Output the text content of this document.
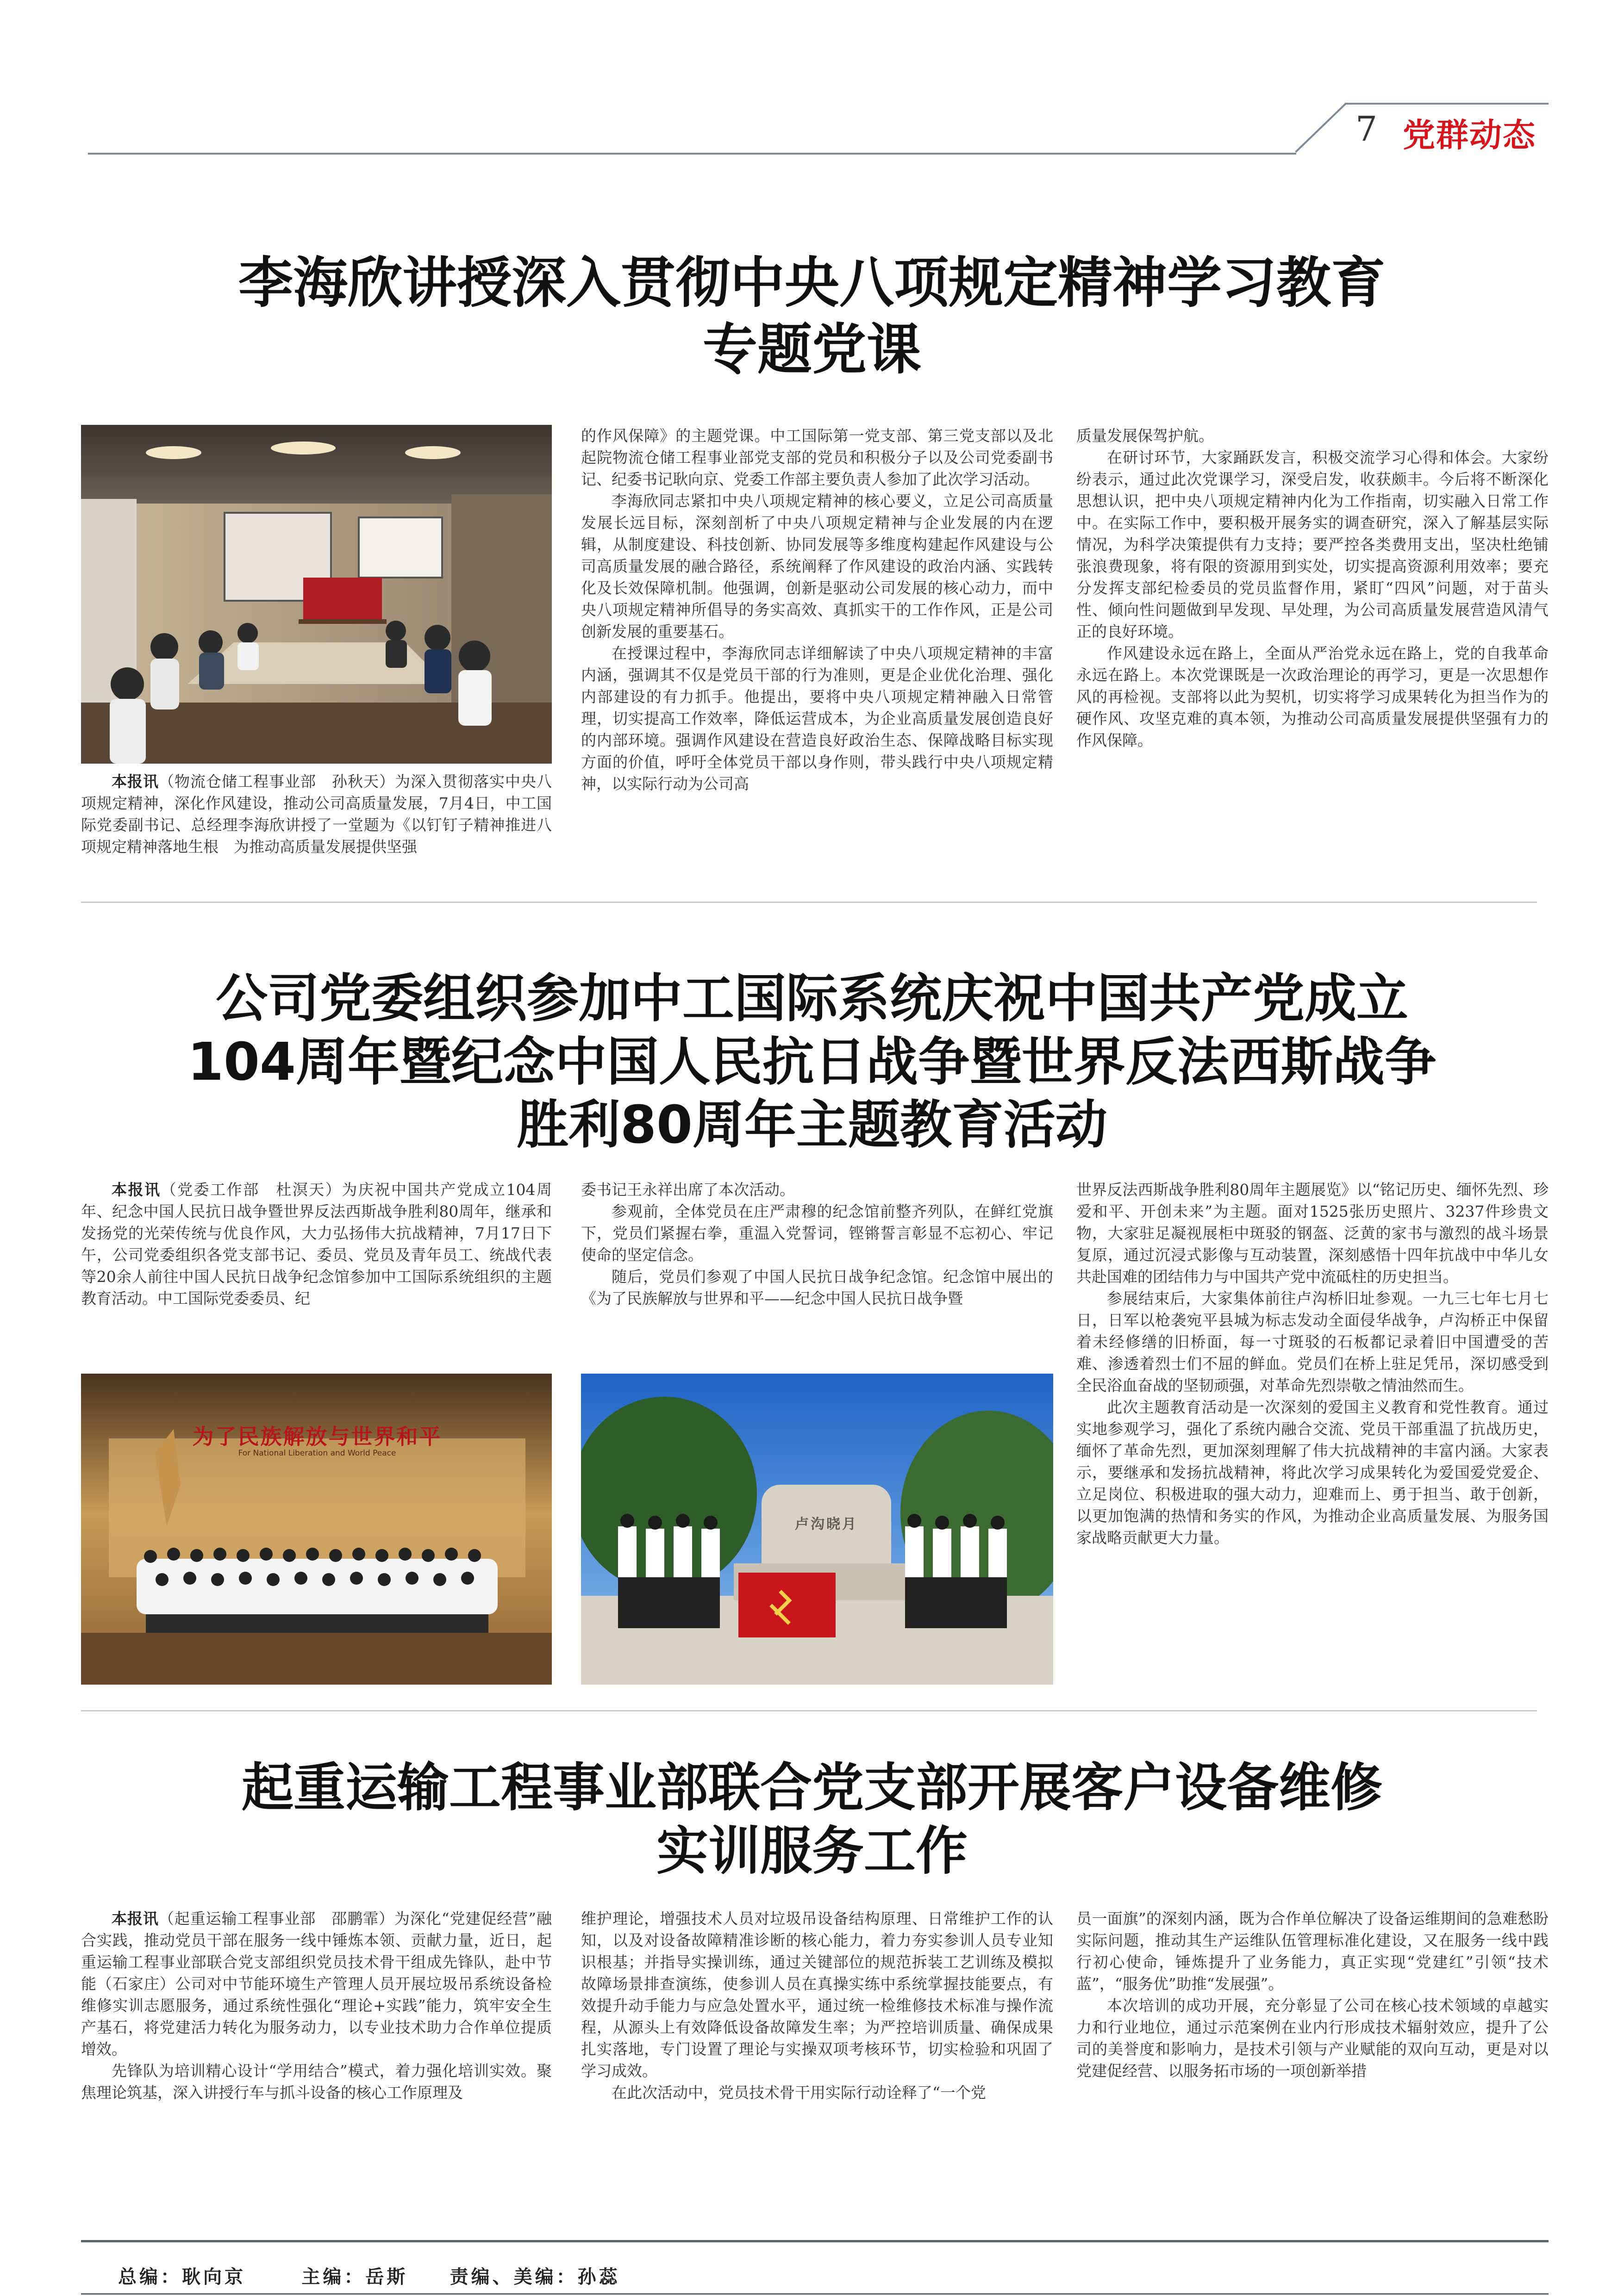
7 党群动态
李海欣讲授深入贯彻中央八项规定精神学习教育
专题党课

本报讯（物流仓储工程事业部　孙秋天）为深入贯彻落实中央八项规定精神，深化作风建设，推动公司高质量发展，7月4日，中工国际党委副书记、总经理李海欣讲授了一堂题为《以钉钉子精神推进八项规定精神落地生根　为推动高质量发展提供坚强

的作风保障》的主题党课。中工国际第一党支部、第三党支部以及北起院物流仓储工程事业部党支部的党员和积极分子以及公司党委副书记、纪委书记耿向京、党委工作部主要负责人参加了此次学习活动。

李海欣同志紧扣中央八项规定精神的核心要义，立足公司高质量发展长远目标，深刻剖析了中央八项规定精神与企业发展的内在逻辑，从制度建设、科技创新、协同发展等多维度构建起作风建设与公司高质量发展的融合路径，系统阐释了作风建设的政治内涵、实践转化及长效保障机制。他强调，创新是驱动公司发展的核心动力，而中央八项规定精神所倡导的务实高效、真抓实干的工作作风，正是公司创新发展的重要基石。

在授课过程中，李海欣同志详细解读了中央八项规定精神的丰富内涵，强调其不仅是党员干部的行为准则，更是企业优化治理、强化内部建设的有力抓手。他提出，要将中央八项规定精神融入日常管理，切实提高工作效率，降低运营成本，为企业高质量发展创造良好的内部环境。强调作风建设在营造良好政治生态、保障战略目标实现方面的价值，呼吁全体党员干部以身作则，带头践行中央八项规定精神，以实际行动为公司高

质量发展保驾护航。

在研讨环节，大家踊跃发言，积极交流学习心得和体会。大家纷纷表示，通过此次党课学习，深受启发，收获颇丰。今后将不断深化思想认识，把中央八项规定精神内化为工作指南，切实融入日常工作中。在实际工作中，要积极开展务实的调查研究，深入了解基层实际情况，为科学决策提供有力支持；要严控各类费用支出，坚决杜绝铺张浪费现象，将有限的资源用到实处，切实提高资源利用效率；要充分发挥支部纪检委员的党员监督作用，紧盯“四风”问题，对于苗头性、倾向性问题做到早发现、早处理，为公司高质量发展营造风清气正的良好环境。

作风建设永远在路上，全面从严治党永远在路上，党的自我革命永远在路上。本次党课既是一次政治理论的再学习，更是一次思想作风的再检视。支部将以此为契机，切实将学习成果转化为担当作为的硬作风、攻坚克难的真本领，为推动公司高质量发展提供坚强有力的作风保障。

公司党委组织参加中工国际系统庆祝中国共产党成立
104周年暨纪念中国人民抗日战争暨世界反法西斯战争
胜利80周年主题教育活动

本报讯（党委工作部　杜溟天）为庆祝中国共产党成立104周年、纪念中国人民抗日战争暨世界反法西斯战争胜利80周年，继承和发扬党的光荣传统与优良作风，大力弘扬伟大抗战精神，7月17日下午，公司党委组织各党支部书记、委员、党员及青年员工、统战代表等20余人前往中国人民抗日战争纪念馆参加中工国际系统组织的主题教育活动。中工国际党委委员、纪

委书记王永祥出席了本次活动。

参观前，全体党员在庄严肃穆的纪念馆前整齐列队，在鲜红党旗下，党员们紧握右拳，重温入党誓词，铿锵誓言彰显不忘初心、牢记使命的坚定信念。

随后，党员们参观了中国人民抗日战争纪念馆。纪念馆中展出的《为了民族解放与世界和平——纪念中国人民抗日战争暨

世界反法西斯战争胜利80周年主题展览》以“铭记历史、缅怀先烈、珍爱和平、开创未来”为主题。面对1525张历史照片、3237件珍贵文物，大家驻足凝视展柜中斑驳的钢盔、泛黄的家书与激烈的战斗场景复原，通过沉浸式影像与互动装置，深刻感悟十四年抗战中中华儿女共赴国难的团结伟力与中国共产党中流砥柱的历史担当。

参展结束后，大家集体前往卢沟桥旧址参观。一九三七年七月七日，日军以枪袭宛平县城为标志发动全面侵华战争，卢沟桥正中保留着未经修缮的旧桥面，每一寸斑驳的石板都记录着旧中国遭受的苦难、渗透着烈士们不屈的鲜血。党员们在桥上驻足凭吊，深切感受到全民浴血奋战的坚韧顽强，对革命先烈崇敬之情油然而生。

此次主题教育活动是一次深刻的爱国主义教育和党性教育。通过实地参观学习，强化了系统内融合交流、党员干部重温了抗战历史，缅怀了革命先烈，更加深刻理解了伟大抗战精神的丰富内涵。大家表示，要继承和发扬抗战精神，将此次学习成果转化为爱国爱党爱企、立足岗位、积极进取的强大动力，迎难而上、勇于担当、敢于创新，以更加饱满的热情和务实的作风，为推动企业高质量发展、为服务国家战略贡献更大力量。

为了民族解放与世界和平
For National Liberation and World Peace
卢沟晓月
起重运输工程事业部联合党支部开展客户设备维修
实训服务工作

本报讯（起重运输工程事业部　邵鹏霏）为深化“党建促经营”融合实践，推动党员干部在服务一线中锤炼本领、贡献力量，近日，起重运输工程事业部联合党支部组织党员技术骨干组成先锋队，赴中节能（石家庄）公司对中节能环境生产管理人员开展垃圾吊系统设备检维修实训志愿服务，通过系统性强化“理论+实践”能力，筑牢安全生产基石，将党建活力转化为服务动力，以专业技术助力合作单位提质增效。

先锋队为培训精心设计“学用结合”模式，着力强化培训实效。聚焦理论筑基，深入讲授行车与抓斗设备的核心工作原理及

维护理论，增强技术人员对垃圾吊设备结构原理、日常维护工作的认知，以及对设备故障精准诊断的核心能力，着力夯实参训人员专业知识根基；并指导实操训练，通过关键部位的规范拆装工艺训练及模拟故障场景排查演练，使参训人员在真操实练中系统掌握技能要点，有效提升动手能力与应急处置水平，通过统一检维修技术标准与操作流程，从源头上有效降低设备故障发生率；为严控培训质量、确保成果扎实落地，专门设置了理论与实操双项考核环节，切实检验和巩固了学习成效。

在此次活动中，党员技术骨干用实际行动诠释了“一个党

员一面旗”的深刻内涵，既为合作单位解决了设备运维期间的急难愁盼实际问题，推动其生产运维队伍管理标准化建设，又在服务一线中践行初心使命，锤炼提升了业务能力，真正实现“党建红”引领“技术蓝”，“服务优”助推“发展强”。

本次培训的成功开展，充分彰显了公司在核心技术领域的卓越实力和行业地位，通过示范案例在业内行形成技术辐射效应，提升了公司的美誉度和影响力，是技术引领与产业赋能的双向互动，更是对以党建促经营、以服务拓市场的一项创新举措

总编：耿向京	主编：岳斯 责编、美编：孙蕊
